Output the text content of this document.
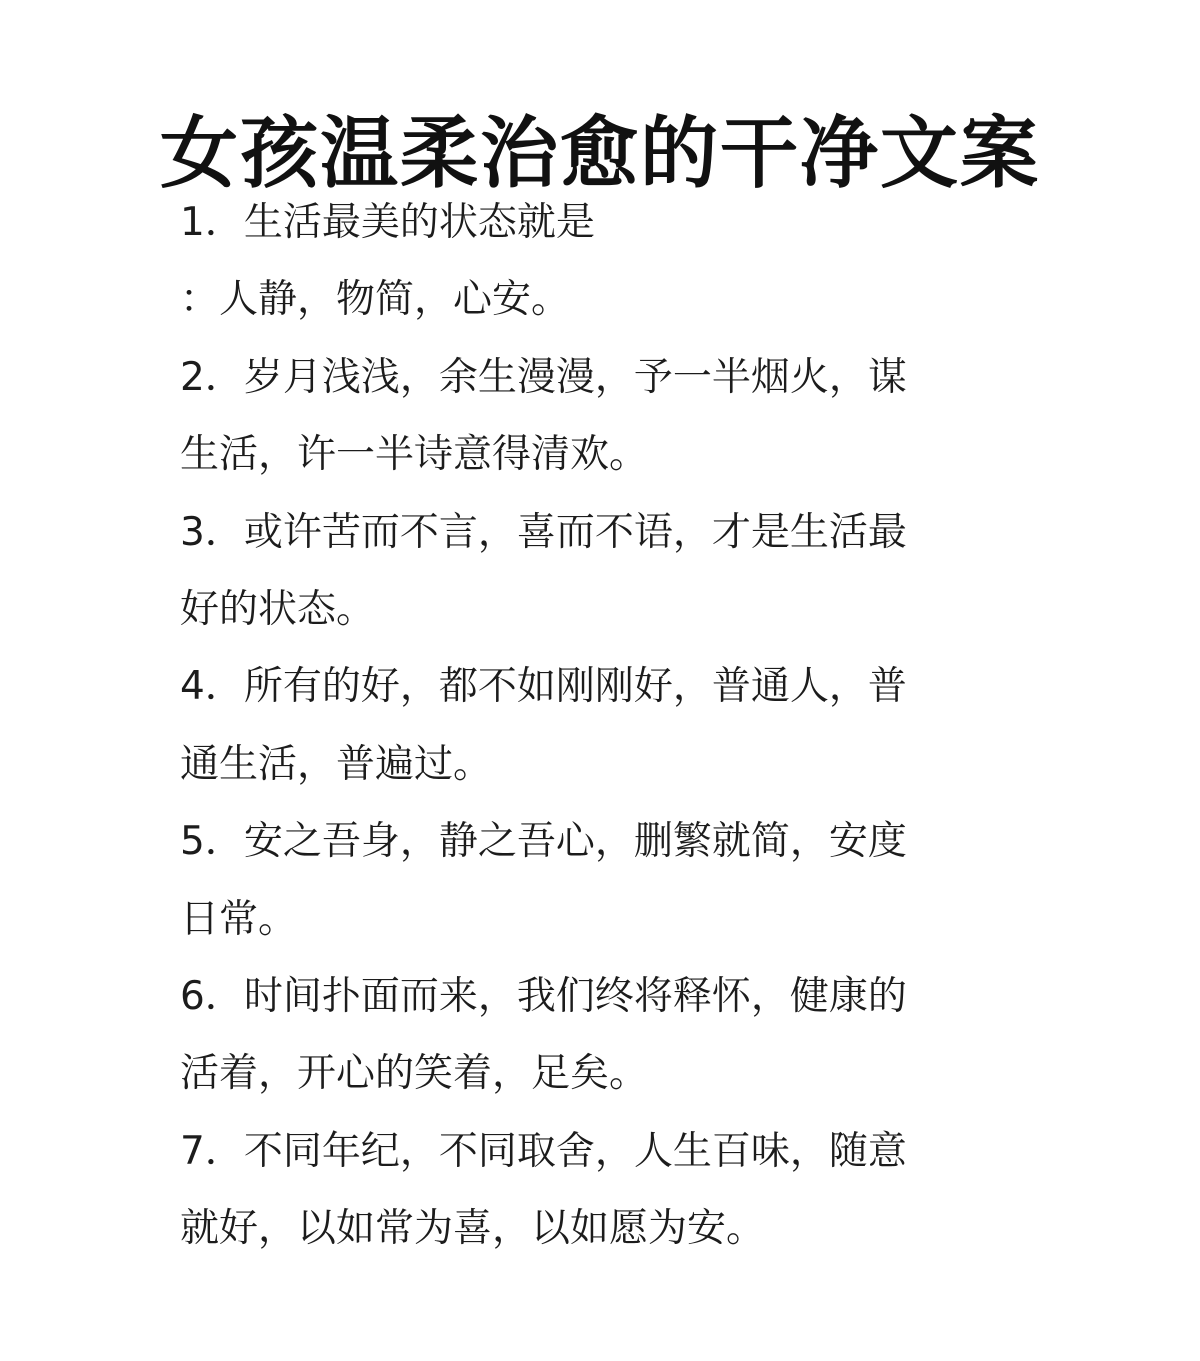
女孩温柔治愈的干净文案
1．生活最美的状态就是
：人静，物简，心安。
2．岁月浅浅，余生漫漫，予一半烟火，谋
生活，许一半诗意得清欢。
3．或许苦而不言，喜而不语，才是生活最
好的状态。
4．所有的好，都不如刚刚好，普通人，普
通生活，普遍过。
5．安之吾身，静之吾心，删繁就简，安度
日常。
6．时间扑面而来，我们终将释怀，健康的
活着，开心的笑着，足矣。
7．不同年纪，不同取舍，人生百味，随意
就好，以如常为喜，以如愿为安。
